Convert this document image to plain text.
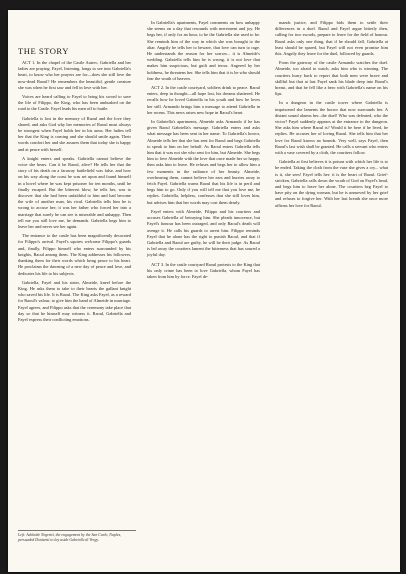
THE STORY

ACT 1. In the chapel of the Castle Autrec, Gabriella and her ladies are praying. Fayel, listening, longs to see into Gabriella's heart, to know who her prayers are for—does she still love the now-dead Raoul? He remembers the beautiful, gentle creature she was when he first saw and fell in love with her.

Voices are heard calling to Fayel to bring his sword to save the life of Filippo, the King, who has been ambushed on the road to the Castle. Fayel leads his men off to battle.

Gabriella is lost in the memory of Raoul and the love they shared, and asks God why her memories of Raoul must always be strongest when Fayel holds her in his arms. Her ladies tell her that the King is coming and she should smile again. Their words comfort her and she assures them that today she is happy and at peace with herself.

A knight enters and speaks. Gabriella cannot believe the voice she hears. Can it be Raoul, alive? He tells her that the story of his death on a faraway battlefield was false, and how on his way along the coast he was set upon and found himself in a hovel where he was kept prisoner for ten months, until he finally escaped. But the bitterest blow, he tells her, was to discover that she had been unfaithful to him and had become the wife of another man, his rival. Gabriella tells him he is wrong to accuse her; it was her father who forced her into a marriage that surely he can see is miserable and unhappy. Then tell me you still love me, he demands. Gabriella begs him to leave her and never see her again.

The entrance to the castle has been magnificently decorated for Filippo's arrival. Fayel's squires welcome Filippo's guards and, finally, Filippo himself who enters surrounded by his knights, Raoul among them. The King addresses his followers, thanking them for their words which bring peace to his heart. He proclaims the dawning of a new day of peace and love, and dedicates his life to his subjects.

Gabriella, Fayel and his sister, Almeide, kneel before the King. He asks them to take to their hearts the gallant knight who saved his life. It is Raoul. The King asks Fayel, as a reward for Raoul's valour, to give him the hand of Almeide in marriage. Fayel agrees, and Filippo asks that the ceremony take place that day so that he himself may witness it. Raoul, Gabriella and Fayel express their conflicting emotions.

In Gabriella's apartments, Fayel comments on how unhappy she seems on a day that resounds with merriment and joy. He begs her, if only for an hour, to be the Gabriella she used to be. She reminds him of the way in which she was brought to the altar. Angrily he tells her to beware, that love can turn to rage. He understands the reason for her sorrow... it is Almeide's wedding. Gabriella tells him he is wrong, it is not love that makes him suspicious, but guilt and terror. Angered by her boldness, he threatens her. She tells him that it is he who should fear the wrath of heaven.

ACT 2. In the castle courtyard, soldiers drink to peace. Raoul enters, deep in thought—all hope lost, his dreams shattered. He recalls how he loved Gabriella in his youth and how he loves her still. Armando brings him a message to attend Gabriella in her rooms. This news raises new hope in Raoul's heart.

In Gabriella's apartments, Almeide asks Armando if he has given Raoul Gabriella's message. Gabriella enters and asks what message has been sent in her name. To Gabriella's horror, Almeide tells her that she has sent for Raoul and begs Gabriella to speak to him on her behalf. As Raoul enters Gabriella tells him that it was not she who sent for him, but Almeide. She begs him to love Almeide with the love that once made her so happy, then asks him to leave. He refuses and begs her to allow him a few moments in the radiance of her beauty. Almeide, overhearing them, cannot believe her ears and hurries away to fetch Fayel. Gabriella warns Raoul that his life is in peril and begs him to go. Only if you will tell me that you love me, he replies. Gabriella, helpless, confesses that she still loves him, but advises him that her words may cost them dearly.

Fayel enters with Almeide, Filippo and his courtiers and accuses Gabriella of betraying him. She pleads innocence, but Fayel's honour has been outraged, and only Raoul's death will avenge it. He calls his guards to arrest him. Filippo reminds Fayel that he alone has the right to punish Raoul, and that if Gabriella and Raoul are guilty, he will be their judge. As Raoul is led away the courtiers lament the bitterness that has soured a joyful day.

ACT 3. In the castle courtyard Raoul protests to the King that his only crime has been to love Gabriella, whom Fayel has taken from him by force. Fayel de-

mands justice, and Filippo bids them to settle their differences in a duel. Raoul and Fayel argue bitterly then, calling for two swords, prepare to leave for the field of honour. Raoul asks only one thing, that if he should fall, Gabriella at least should be spared, but Fayel will not even promise him this. Angrily they leave for the duel, followed by guards.

From the gateway of the castle Armando watches the duel. Almeide, too afraid to watch, asks him who is winning. The courtiers hurry back to report that both men were brave and skillful but that at last Fayel sank his blade deep into Raoul's breast, and that he fell like a hero with Gabriella's name on his lips.

In a dungeon in the castle tower where Gabriella is imprisoned she laments the horror that now surrounds her. A distant sound alarms her...the duel! Who was defeated, who the victor? Fayel suddenly appears at the entrance to the dungeon. She asks him where Raoul is? Would it be here if he lived, he replies. He accuses her of loving Raoul. She tells him that her love for Raoul knows no bounds. Very well, says Fayel, then Raoul's last wish shall be granted. He calls a servant who enters with a vase covered by a cloth, the courtiers follow.

Gabriella at first believes it is poison with which her life is to be ended. Taking the cloth from the vase she gives a cry... what is it, she sees! Fayel tells her: it is the heart of Raoul. Grief-stricken, Gabriella calls down the wrath of God on Fayel's head, and begs him to leave her alone. The courtiers beg Fayel to have pity on the dying woman, but he is unmoved by her grief and refuses to forgive her. With her last breath she once more affirms her love for Raoul.

Left: Adelaide Negretti, the engagement by the San Carlo, Naples, persuaded Donizetti to lay aside Gabriella di Vergy.
